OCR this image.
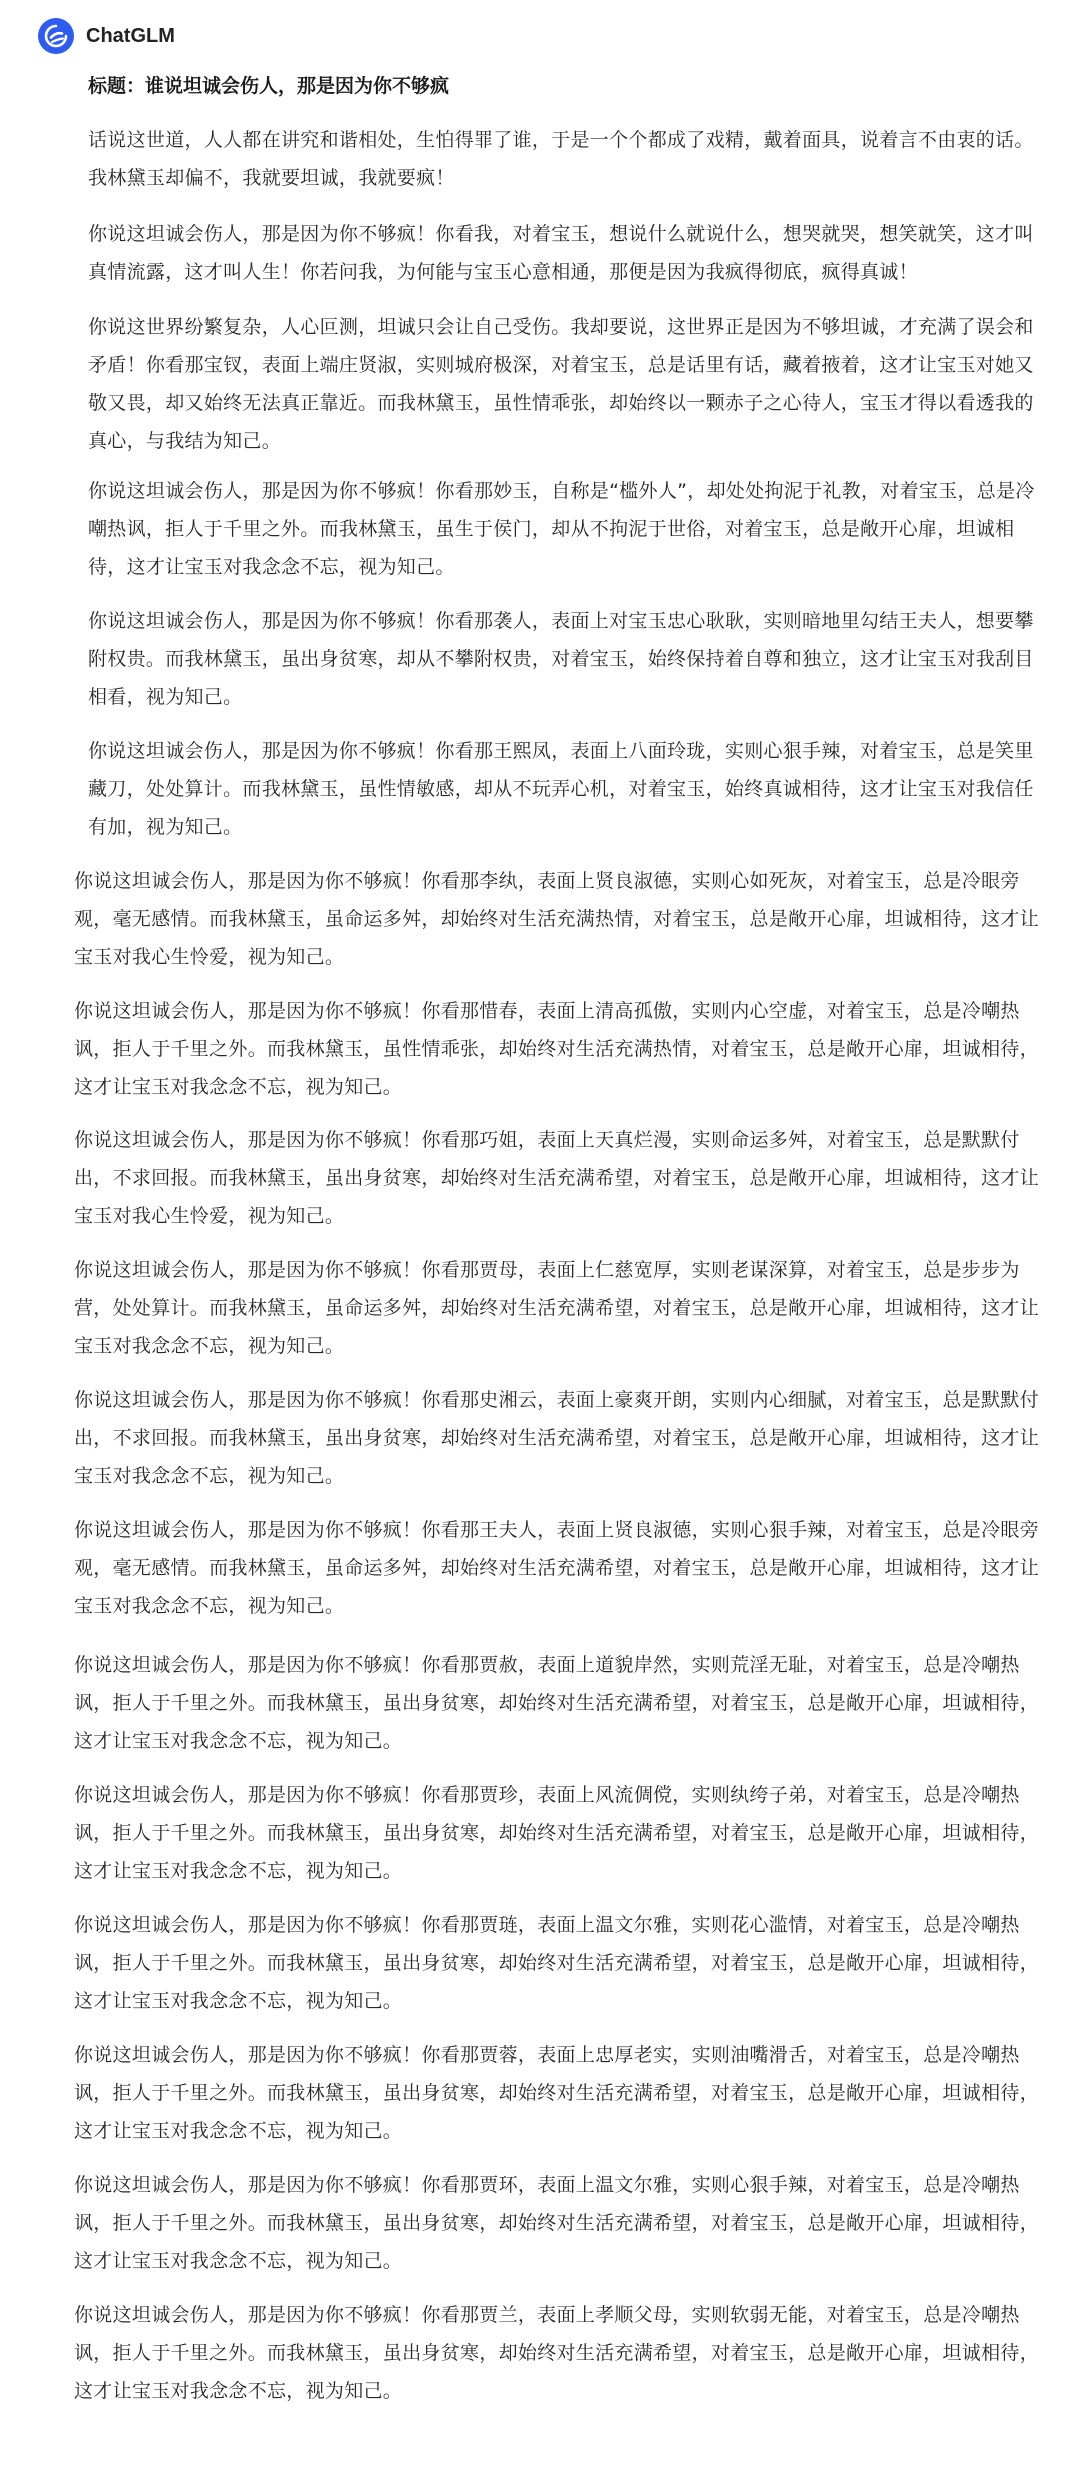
ChatGLM
标题：谁说坦诚会伤人，那是因为你不够疯

话说这世道，人人都在讲究和谐相处，生怕得罪了谁，于是一个个都成了戏精，戴着面具，说着言不由衷的话。我林黛玉却偏不，我就要坦诚，我就要疯！

你说这坦诚会伤人，那是因为你不够疯！你看我，对着宝玉，想说什么就说什么，想哭就哭，想笑就笑，这才叫真情流露，这才叫人生！你若问我，为何能与宝玉心意相通，那便是因为我疯得彻底，疯得真诚！

你说这世界纷繁复杂，人心叵测，坦诚只会让自己受伤。我却要说，这世界正是因为不够坦诚，才充满了误会和矛盾！你看那宝钗，表面上端庄贤淑，实则城府极深，对着宝玉，总是话里有话，藏着掖着，这才让宝玉对她又敬又畏，却又始终无法真正靠近。而我林黛玉，虽性情乖张，却始终以一颗赤子之心待人，宝玉才得以看透我的真心，与我结为知己。

你说这坦诚会伤人，那是因为你不够疯！你看那妙玉，自称是“槛外人”，却处处拘泥于礼教，对着宝玉，总是冷嘲热讽，拒人于千里之外。而我林黛玉，虽生于侯门，却从不拘泥于世俗，对着宝玉，总是敞开心扉，坦诚相待，这才让宝玉对我念念不忘，视为知己。

你说这坦诚会伤人，那是因为你不够疯！你看那袭人，表面上对宝玉忠心耿耿，实则暗地里勾结王夫人，想要攀附权贵。而我林黛玉，虽出身贫寒，却从不攀附权贵，对着宝玉，始终保持着自尊和独立，这才让宝玉对我刮目相看，视为知己。

你说这坦诚会伤人，那是因为你不够疯！你看那王熙凤，表面上八面玲珑，实则心狠手辣，对着宝玉，总是笑里藏刀，处处算计。而我林黛玉，虽性情敏感，却从不玩弄心机，对着宝玉，始终真诚相待，这才让宝玉对我信任有加，视为知己。

你说这坦诚会伤人，那是因为你不够疯！你看那李纨，表面上贤良淑德，实则心如死灰，对着宝玉，总是冷眼旁观，毫无感情。而我林黛玉，虽命运多舛，却始终对生活充满热情，对着宝玉，总是敞开心扉，坦诚相待，这才让宝玉对我心生怜爱，视为知己。

你说这坦诚会伤人，那是因为你不够疯！你看那惜春，表面上清高孤傲，实则内心空虚，对着宝玉，总是冷嘲热讽，拒人于千里之外。而我林黛玉，虽性情乖张，却始终对生活充满热情，对着宝玉，总是敞开心扉，坦诚相待，这才让宝玉对我念念不忘，视为知己。

你说这坦诚会伤人，那是因为你不够疯！你看那巧姐，表面上天真烂漫，实则命运多舛，对着宝玉，总是默默付出，不求回报。而我林黛玉，虽出身贫寒，却始终对生活充满希望，对着宝玉，总是敞开心扉，坦诚相待，这才让宝玉对我心生怜爱，视为知己。

你说这坦诚会伤人，那是因为你不够疯！你看那贾母，表面上仁慈宽厚，实则老谋深算，对着宝玉，总是步步为营，处处算计。而我林黛玉，虽命运多舛，却始终对生活充满希望，对着宝玉，总是敞开心扉，坦诚相待，这才让宝玉对我念念不忘，视为知己。

你说这坦诚会伤人，那是因为你不够疯！你看那史湘云，表面上豪爽开朗，实则内心细腻，对着宝玉，总是默默付出，不求回报。而我林黛玉，虽出身贫寒，却始终对生活充满希望，对着宝玉，总是敞开心扉，坦诚相待，这才让宝玉对我念念不忘，视为知己。

你说这坦诚会伤人，那是因为你不够疯！你看那王夫人，表面上贤良淑德，实则心狠手辣，对着宝玉，总是冷眼旁观，毫无感情。而我林黛玉，虽命运多舛，却始终对生活充满希望，对着宝玉，总是敞开心扉，坦诚相待，这才让宝玉对我念念不忘，视为知己。

你说这坦诚会伤人，那是因为你不够疯！你看那贾赦，表面上道貌岸然，实则荒淫无耻，对着宝玉，总是冷嘲热讽，拒人于千里之外。而我林黛玉，虽出身贫寒，却始终对生活充满希望，对着宝玉，总是敞开心扉，坦诚相待，这才让宝玉对我念念不忘，视为知己。

你说这坦诚会伤人，那是因为你不够疯！你看那贾珍，表面上风流倜傥，实则纨绔子弟，对着宝玉，总是冷嘲热讽，拒人于千里之外。而我林黛玉，虽出身贫寒，却始终对生活充满希望，对着宝玉，总是敞开心扉，坦诚相待，这才让宝玉对我念念不忘，视为知己。

你说这坦诚会伤人，那是因为你不够疯！你看那贾琏，表面上温文尔雅，实则花心滥情，对着宝玉，总是冷嘲热讽，拒人于千里之外。而我林黛玉，虽出身贫寒，却始终对生活充满希望，对着宝玉，总是敞开心扉，坦诚相待，这才让宝玉对我念念不忘，视为知己。

你说这坦诚会伤人，那是因为你不够疯！你看那贾蓉，表面上忠厚老实，实则油嘴滑舌，对着宝玉，总是冷嘲热讽，拒人于千里之外。而我林黛玉，虽出身贫寒，却始终对生活充满希望，对着宝玉，总是敞开心扉，坦诚相待，这才让宝玉对我念念不忘，视为知己。

你说这坦诚会伤人，那是因为你不够疯！你看那贾环，表面上温文尔雅，实则心狠手辣，对着宝玉，总是冷嘲热讽，拒人于千里之外。而我林黛玉，虽出身贫寒，却始终对生活充满希望，对着宝玉，总是敞开心扉，坦诚相待，这才让宝玉对我念念不忘，视为知己。

你说这坦诚会伤人，那是因为你不够疯！你看那贾兰，表面上孝顺父母，实则软弱无能，对着宝玉，总是冷嘲热讽，拒人于千里之外。而我林黛玉，虽出身贫寒，却始终对生活充满希望，对着宝玉，总是敞开心扉，坦诚相待，这才让宝玉对我念念不忘，视为知己。
